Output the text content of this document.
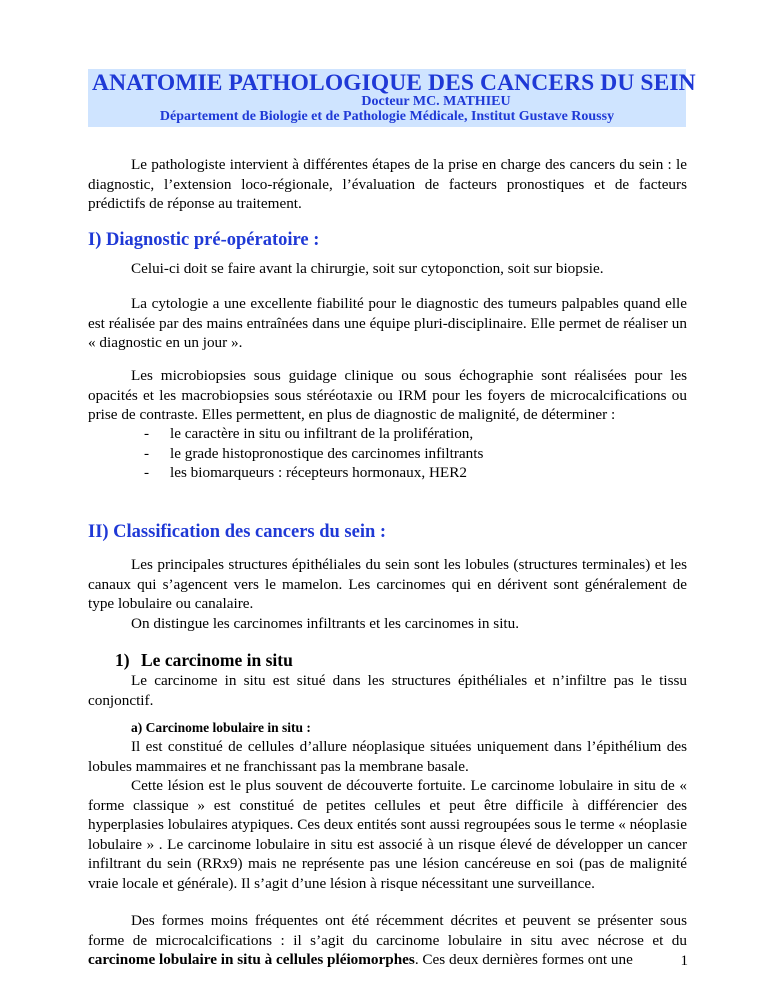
ANATOMIE PATHOLOGIQUE DES CANCERS DU SEIN
Docteur MC. MATHIEU
Département de Biologie et de Pathologie Médicale, Institut Gustave Roussy

Le pathologiste intervient à différentes étapes de la prise en charge des cancers du sein : le diagnostic, l’extension loco-régionale, l’évaluation de facteurs pronostiques et de facteurs prédictifs de réponse au traitement.

I) Diagnostic pré-opératoire :

Celui-ci doit se faire avant la chirurgie, soit sur cytoponction, soit sur biopsie.

La cytologie a une excellente fiabilité pour le diagnostic des tumeurs palpables quand elle est réalisée par des mains entraînées dans une équipe pluri-disciplinaire. Elle permet de réaliser un « diagnostic en un jour ».

Les microbiopsies sous guidage clinique ou sous échographie sont réalisées pour les opacités et les macrobiopsies sous stéréotaxie ou IRM pour les foyers de microcalcifications ou prise de contraste. Elles permettent, en plus de diagnostic de malignité, de déterminer :

- le caractère in situ ou infiltrant de la prolifération,
- le grade histopronostique des carcinomes infiltrants
- les biomarqueurs : récepteurs hormonaux, HER2
II) Classification des cancers du sein :

Les principales structures épithéliales du sein sont les lobules (structures terminales) et les canaux qui s’agencent vers le mamelon. Les carcinomes qui en dérivent sont généralement de type lobulaire ou canalaire.

On distingue les carcinomes infiltrants et les carcinomes in situ.

1) Le carcinome in situ

Le carcinome in situ est situé dans les structures épithéliales et n’infiltre pas le tissu conjonctif.

a) Carcinome lobulaire in situ :

Il est constitué de cellules d’allure néoplasique situées uniquement dans l’épithélium des lobules mammaires et ne franchissant pas la membrane basale.

Cette lésion est le plus souvent de découverte fortuite. Le carcinome lobulaire in situ de « forme classique » est constitué de petites cellules et peut être difficile à différencier des hyperplasies lobulaires atypiques. Ces deux entités sont aussi regroupées sous le terme « néoplasie lobulaire » . Le carcinome lobulaire in situ est associé à un risque élevé de développer un cancer infiltrant du sein (RRx9) mais ne représente pas une lésion cancéreuse en soi (pas de malignité vraie locale et générale). Il s’agit d’une lésion à risque nécessitant une surveillance.

Des formes moins fréquentes ont été récemment décrites et peuvent se présenter sous forme de microcalcifications : il s’agit du carcinome lobulaire in situ avec nécrose et du carcinome lobulaire in situ à cellules pléiomorphes. Ces deux dernières formes ont une	1
